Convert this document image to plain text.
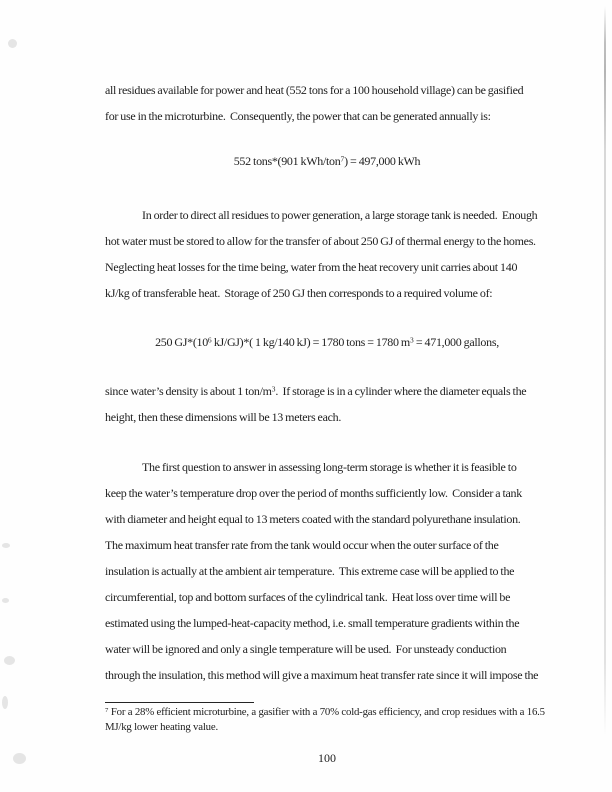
all residues available for power and heat (552 tons for a 100 household village) can be gasified
for use in the microturbine.  Consequently, the power that can be generated annually is:
552 tons*(901 kWh/ton$^7$) = 497,000 kWh
In order to direct all residues to power generation, a large storage tank is needed.  Enough
hot water must be stored to allow for the transfer of about 250 GJ of thermal energy to the homes.
Neglecting heat losses for the time being, water from the heat recovery unit carries about 140
kJ/kg of transferable heat.  Storage of 250 GJ then corresponds to a required volume of:
250 $GJ*(10^6$ kJ/GJ)*( 1 kg/140 kJ) = 1780 tons = 1780 $m^3 = 471,000$ gallons,
since water’s density is about 1 ton/$m^3$.  If storage is in a cylinder where the diameter equals the
height, then these dimensions will be 13 meters each.
The first question to answer in assessing long-term storage is whether it is feasible to
keep the water’s temperature drop over the period of months sufficiently low.  Consider a tank
with diameter and height equal to 13 meters coated with the standard polyurethane insulation.
The maximum heat transfer rate from the tank would occur when the outer surface of the
insulation is actually at the ambient air temperature.  This extreme case will be applied to the
circumferential, top and bottom surfaces of the cylindrical tank.  Heat loss over time will be
estimated using the lumped-heat-capacity method, i.e. small temperature gradients within the
water will be ignored and only a single temperature will be used.  For unsteady conduction
through the insulation, this method will give a maximum heat transfer rate since it will impose the
$^7$ For a 28% efficient microturbine, a gasifier with a 70% cold-gas efficiency, and crop residues with a 16.5
MJ/kg lower heating value.
100
